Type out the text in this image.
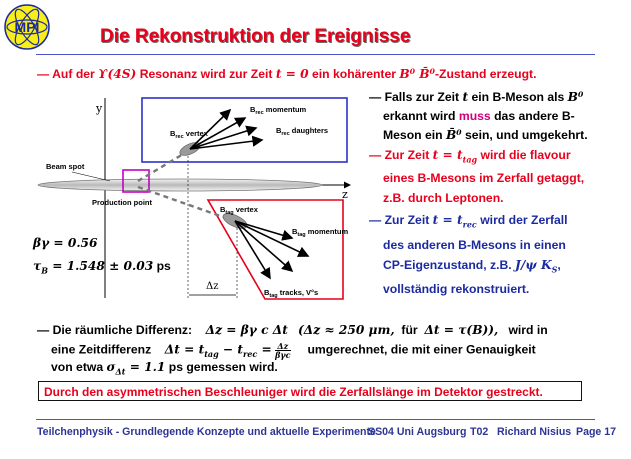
MPI	Die Rekonstruktion der Ereignisse
— Auf der ϒ(4S) Resonanz wird zur Zeit t = 0 ein kohärenter B⁰ B̄⁰-Zustand erzeugt.
y
z
Beam spot
Production point
$B_{rec}$ vertex
$B_{rec}$ momentum
$B_{rec}$ daughters
$B_{tag}$ vertex
$B_{tag}$ momentum
$B_{tag}$ tracks, V°s
Δz
βγ = 0.56
$\tau_B = 1.548 \pm 0.03$ ps
— Falls zur Zeit t ein B-Meson als B⁰
erkannt wird muss das andere B-
Meson ein B̄⁰ sein, und umgekehrt.
— Zur Zeit $t = t_{tag}$ wird die flavour
eines B-Mesons im Zerfall getaggt,
z.B. durch Leptonen.
— Zur Zeit $t = t_{rec}$ wird der Zerfall
des anderen B-Mesons in einen
CP-Eigenzustand, z.B. J/ψ $K_S$,
vollständig rekonstruiert.
— Die räumliche Differenz: Δz = βγ c Δt (Δz ≈ 250 μm, für Δt = τ(B)), wird in
eine Zeitdifferenz $\Delta t = t_{tag} - t_{rec} = \Delta z$
βγc umgerechnet, die mit einer Genauigkeit
von etwa $\sigma_{\Delta t} = 1.1$ ps gemessen wird.
Durch den asymmetrischen Beschleuniger wird die Zerfallslänge im Detektor gestreckt.
Teilchenphysik - Grundlegende Konzepte und aktuelle Experimente
SS04 Uni Augsburg T02 Richard Nisius Page 17
